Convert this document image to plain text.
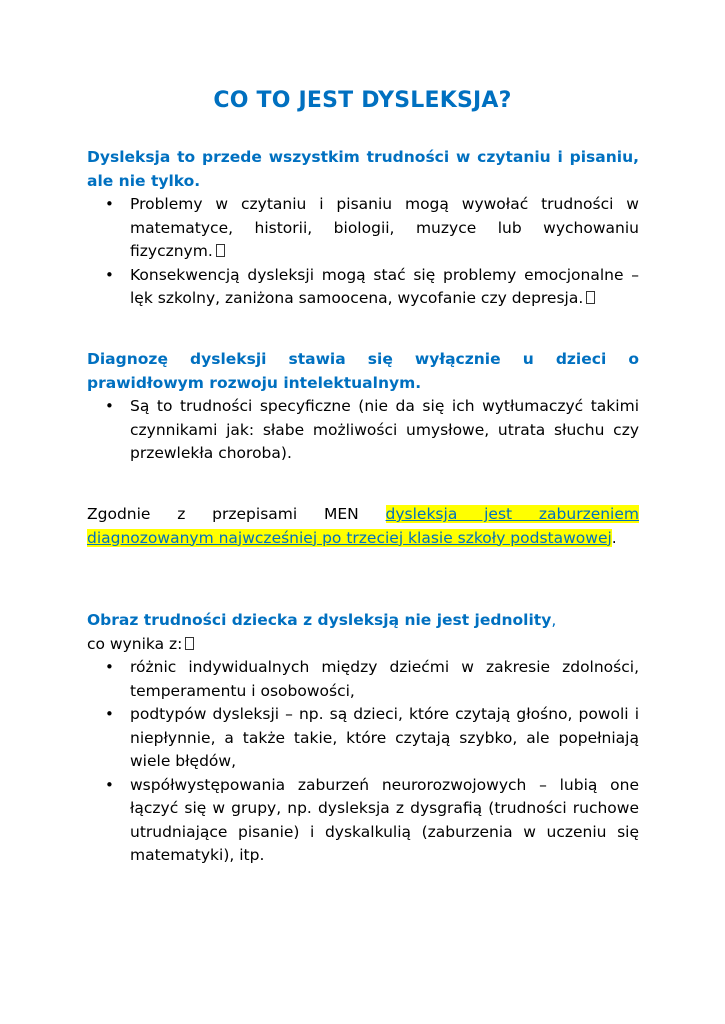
CO TO JEST DYSLEKSJA?
Dysleksja to przede wszystkim trudności w czytaniu i pisaniu, ale nie tylko.
• Problemy w czytaniu i pisaniu mogą wywołać trudności w matematyce, historii, biologii, muzyce lub wychowaniu fizycznym.
• Konsekwencją dysleksji mogą stać się problemy emocjonalne – lęk szkolny, zaniżona samoocena, wycofanie czy depresja.
Diagnozę dysleksji stawia się wyłącznie u dzieci o prawidłowym rozwoju intelektualnym.
• Są to trudności specyficzne (nie da się ich wytłumaczyć takimi czynnikami jak: słabe możliwości umysłowe, utrata słuchu czy przewlekła choroba).
Zgodnie z przepisami MEN dysleksja jest zaburzeniem diagnozowanym najwcześniej po trzeciej klasie szkoły podstawowej.
Obraz trudności dziecka z dysleksją nie jest jednolity,
co wynika z:
• różnic indywidualnych między dziećmi w zakresie zdolności, temperamentu i osobowości,
• podtypów dysleksji – np. są dzieci, które czytają głośno, powoli i niepłynnie, a także takie, które czytają szybko, ale popełniają wiele błędów,
• współwystępowania zaburzeń neurorozwojowych – lubią one łączyć się w grupy, np. dysleksja z dysgrafią (trudności ruchowe utrudniające pisanie) i dyskalkulią (zaburzenia w uczeniu się matematyki), itp.
